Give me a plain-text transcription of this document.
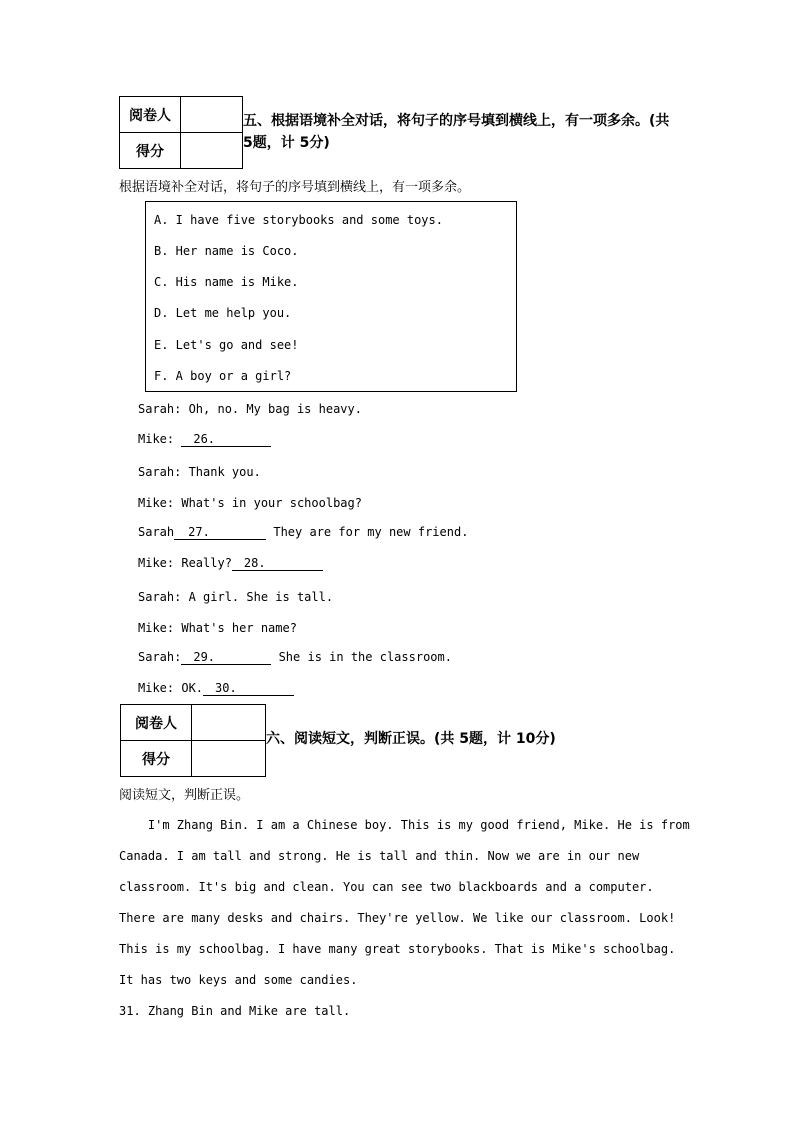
阅卷人	
得分	
五、根据语境补全对话，将句子的序号填到横线上，有一项多余。(共
5题，计 5分)
根据语境补全对话，将句子的序号填到横线上，有一项多余。
A. I have five storybooks and some toys.
B. Her name is Coco.
C. His name is Mike.
D. Let me help you.
E. Let's go and see!
F. A boy or a girl?
Sarah: Oh, no. My bag is heavy.
Mike: 26.
Sarah: Thank you.
Mike: What's in your schoolbag?
Sarah 27.	They are for my new friend.
Mike: Really? 28.
Sarah: A girl. She is tall.
Mike: What's her name?
Sarah: 29.	She is in the classroom.
Mike: OK. 30.
阅卷人	
得分	
六、阅读短文，判断正误。(共 5题，计 10分)
阅读短文，判断正误。
I'm Zhang Bin. I am a Chinese boy. This is my good friend, Mike. He is from
Canada. I am tall and strong. He is tall and thin. Now we are in our new
classroom. It's big and clean. You can see two blackboards and a computer.
There are many desks and chairs. They're yellow. We like our classroom. Look!
This is my schoolbag. I have many great storybooks. That is Mike's schoolbag.
It has two keys and some candies.
31. Zhang Bin and Mike are tall.
